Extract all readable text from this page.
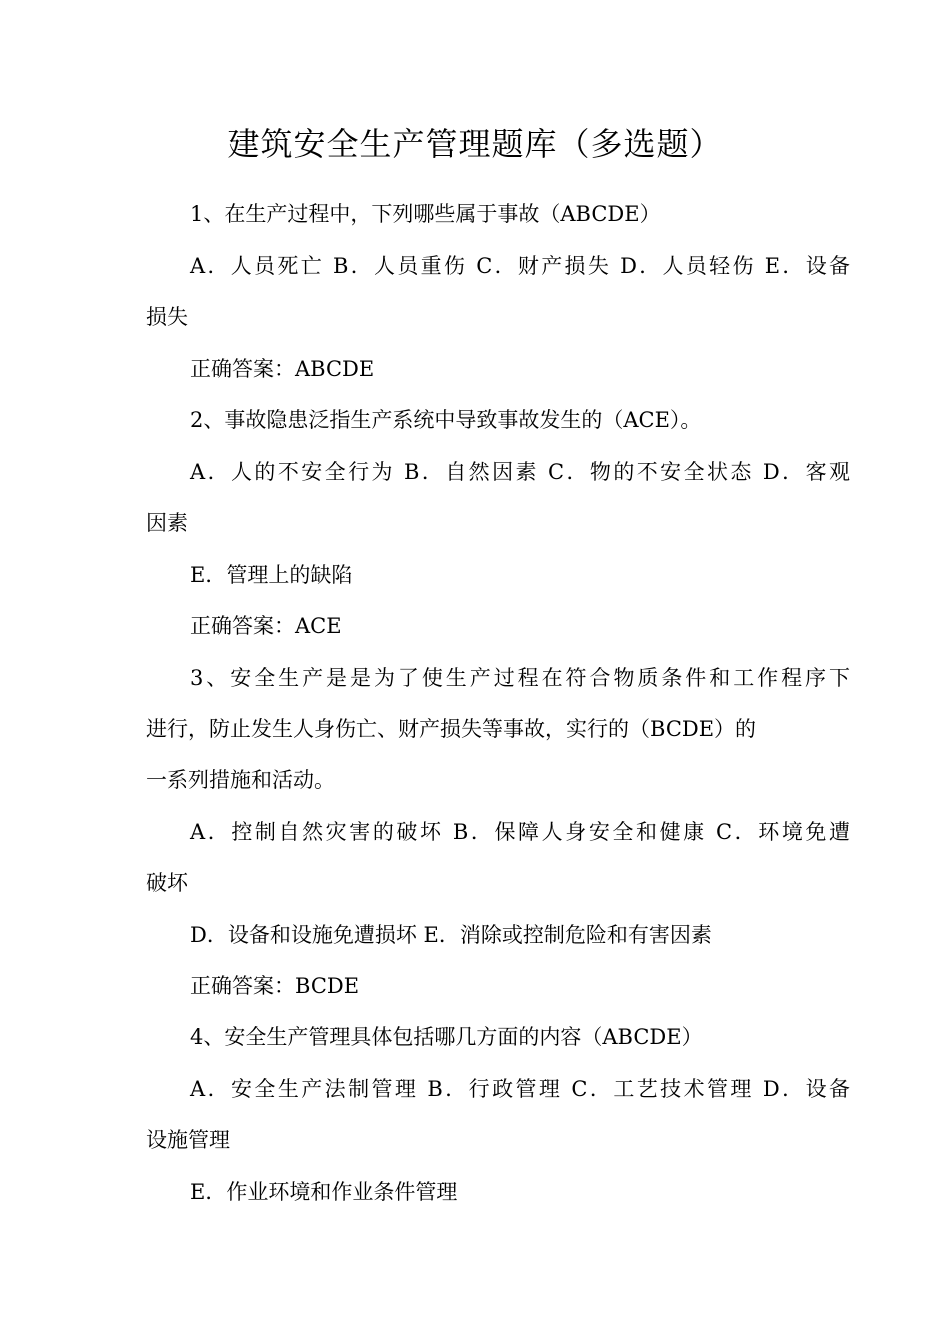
建筑安全生产管理题库（多选题）
1、在生产过程中，下列哪些属于事故（ABCDE）
A．人员死亡 B．人员重伤 C．财产损失 D．人员轻伤 E．设备
损失
正确答案：ABCDE
2、事故隐患泛指生产系统中导致事故发生的（ACE）。
A．人的不安全行为 B．自然因素 C．物的不安全状态 D．客观
因素
E．管理上的缺陷
正确答案：ACE
3、安全生产是是为了使生产过程在符合物质条件和工作程序下
进行，防止发生人身伤亡、财产损失等事故，实行的（BCDE）的
一系列措施和活动。
A．控制自然灾害的破坏 B．保障人身安全和健康 C．环境免遭
破坏
D．设备和设施免遭损坏 E．消除或控制危险和有害因素
正确答案：BCDE
4、安全生产管理具体包括哪几方面的内容（ABCDE）
A．安全生产法制管理 B．行政管理 C．工艺技术管理 D．设备
设施管理
E．作业环境和作业条件管理
